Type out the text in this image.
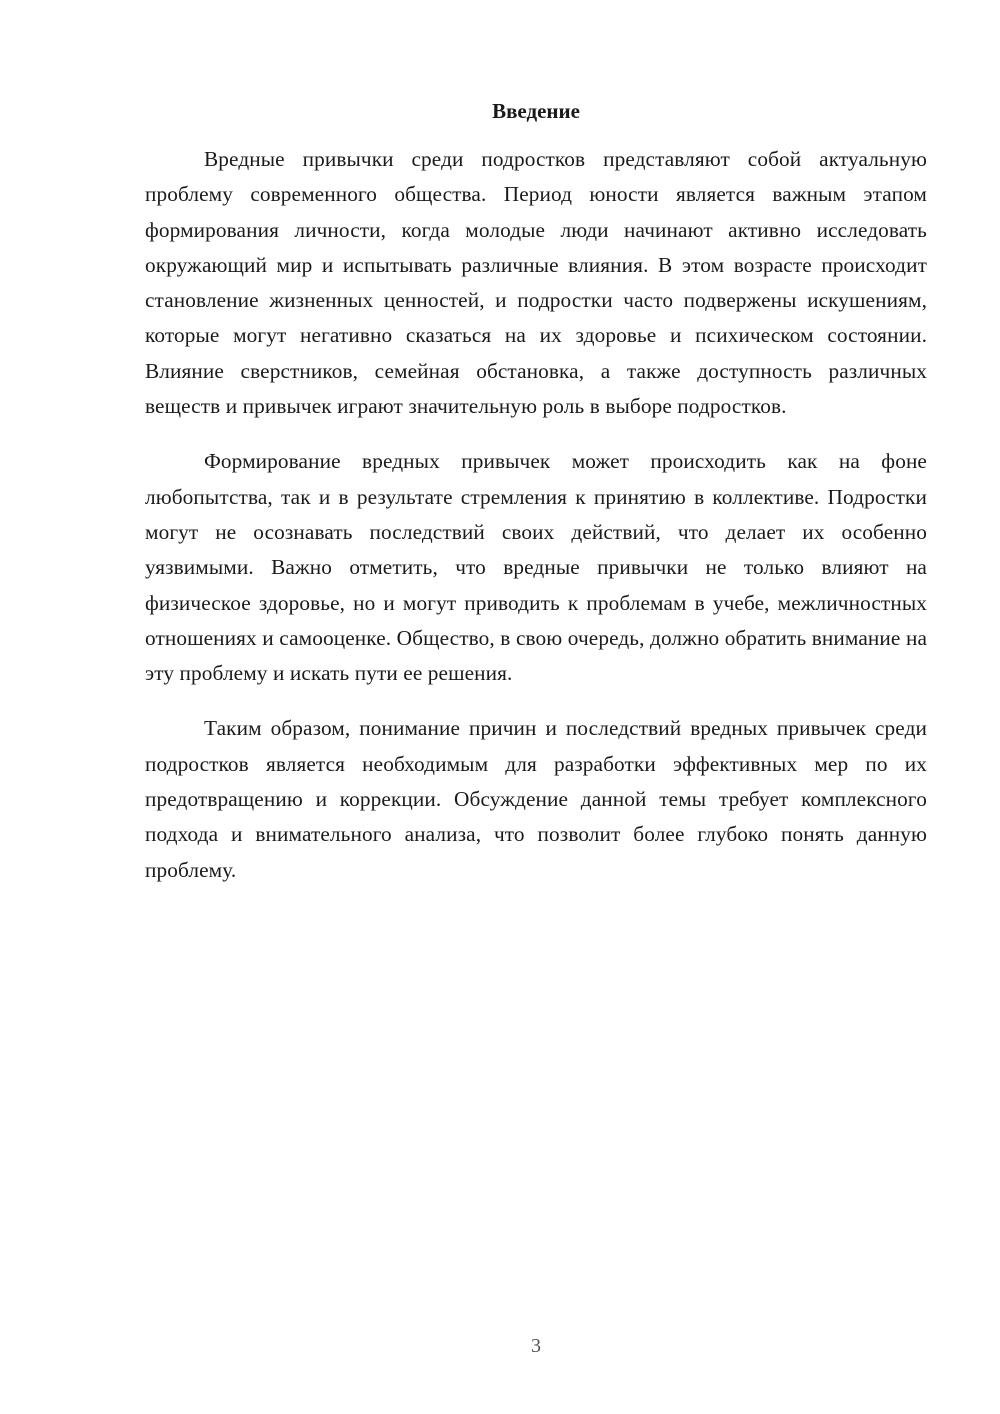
Введение

Вредные привычки среди подростков представляют собой актуальную проблему современного общества. Период юности является важным этапом формирования личности, когда молодые люди начинают активно исследовать окружающий мир и испытывать различные влияния. В этом возрасте происходит становление жизненных ценностей, и подростки часто подвержены искушениям, которые могут негативно сказаться на их здоровье и психическом состоянии. Влияние сверстников, семейная обстановка, а также доступность различных веществ и привычек играют значительную роль в выборе подростков.

Формирование вредных привычек может происходить как на фоне любопытства, так и в результате стремления к принятию в коллективе. Подростки могут не осознавать последствий своих действий, что делает их особенно уязвимыми. Важно отметить, что вредные привычки не только влияют на физическое здоровье, но и могут приводить к проблемам в учебе, межличностных отношениях и самооценке. Общество, в свою очередь, должно обратить внимание на эту проблему и искать пути ее решения.

Таким образом, понимание причин и последствий вредных привычек среди подростков является необходимым для разработки эффективных мер по их предотвращению и коррекции. Обсуждение данной темы требует комплексного подхода и внимательного анализа, что позволит более глубоко понять данную проблему.

3
